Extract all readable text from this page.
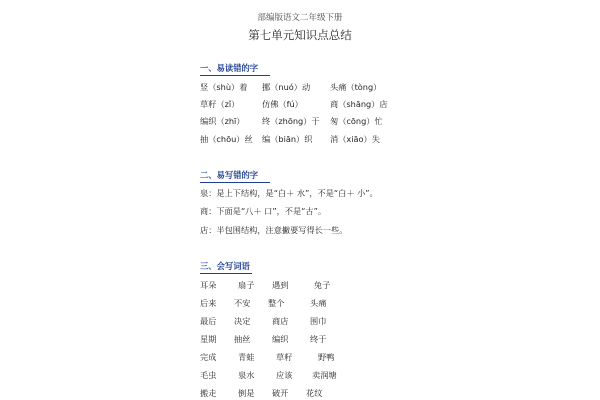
部编版语文二年级下册
第七单元知识点总结
一、易读错的字
竖（shù）着 挪（nuó）动 头痛（tòng）
草籽（zǐ）	仿佛（fú）	商（shāng）店
编织（zhī） 终（zhōng）于 匆（cōng）忙
抽（chōu）丝 编（biān）织 消（xiāo）失
二、易写错的字
泉：是上下结构，是“白＋ 水”，不是“白＋ 小”。
商：下面是“八＋ 口”，不是“古”。
店：半包围结构，注意撇要写得长一些。
三、会写词语
耳朵	扇子 遇到	兔子
后来 不安 整个	头痛
最后 决定	商店	围巾
星期 抽丝	编织	终于
完成	青蛙	草籽	野鸭
毛虫	泉水	应该 卖润塘
搬走	倒是 破开 花纹
